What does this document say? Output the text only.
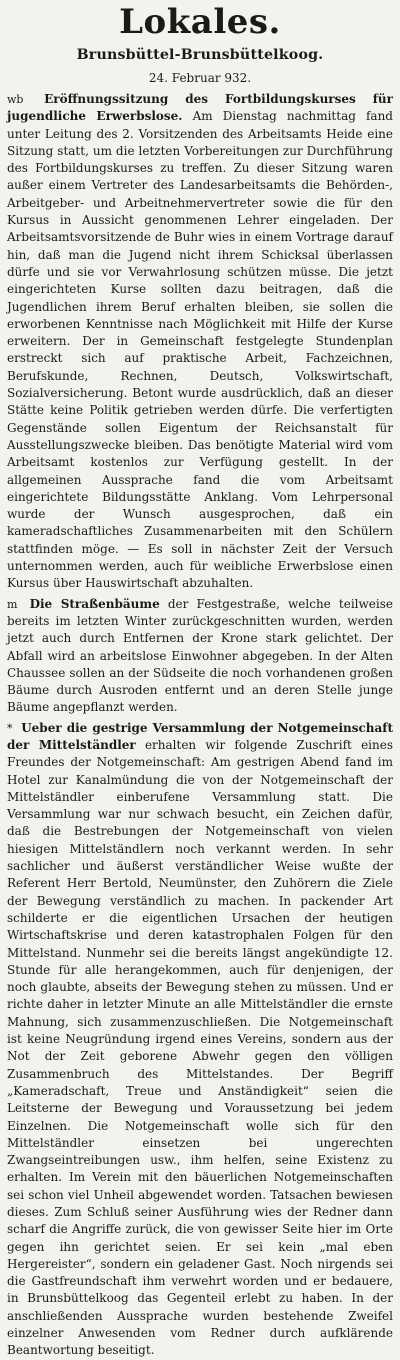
Lokales.
Brunsbüttel-Brunsbüttelkoog.
24. Februar 932.

wb Eröffnungssitzung des Fortbildungskurses für jugendliche Erwerbslose. Am Dienstag nachmittag fand unter Leitung des 2. Vorsitzenden des Arbeitsamts Heide eine Sitzung statt, um die letzten Vorbereitungen zur Durchführung des Fortbildungskurses zu treffen. Zu dieser Sitzung waren außer einem Vertreter des Landesarbeitsamts die Behörden-, Arbeitgeber- und Arbeitnehmervertreter sowie die für den Kursus in Aussicht genommenen Lehrer eingeladen. Der Arbeitsamtsvorsitzende de Buhr wies in einem Vortrage darauf hin, daß man die Jugend nicht ihrem Schicksal überlassen dürfe und sie vor Verwahrlosung schützen müsse. Die jetzt eingerichteten Kurse sollten dazu beitragen, daß die Jugendlichen ihrem Beruf erhalten bleiben, sie sollen die erworbenen Kenntnisse nach Möglichkeit mit Hilfe der Kurse erweitern. Der in Gemeinschaft festgelegte Stundenplan erstreckt sich auf praktische Arbeit, Fachzeichnen, Berufskunde, Rechnen, Deutsch, Volkswirtschaft, Sozialversicherung. Betont wurde ausdrücklich, daß an dieser Stätte keine Politik getrieben werden dürfe. Die verfertigten Gegenstände sollen Eigentum der Reichsanstalt für Ausstellungszwecke bleiben. Das benötigte Material wird vom Arbeitsamt kostenlos zur Verfügung gestellt. In der allgemeinen Aussprache fand die vom Arbeitsamt eingerichtete Bildungsstätte Anklang. Vom Lehrpersonal wurde der Wunsch ausgesprochen, daß ein kameradschaftliches Zusammenarbeiten mit den Schülern stattfinden möge. — Es soll in nächster Zeit der Versuch unternommen werden, auch für weibliche Erwerbslose einen Kursus über Hauswirtschaft abzuhalten.

m Die Straßenbäume der Festgestraße, welche teilweise bereits im letzten Winter zurückgeschnitten wurden, werden jetzt auch durch Entfernen der Krone stark gelichtet. Der Abfall wird an arbeitslose Einwohner abgegeben. In der Alten Chaussee sollen an der Südseite die noch vorhandenen großen Bäume durch Ausroden entfernt und an deren Stelle junge Bäume angepflanzt werden.

* Ueber die gestrige Versammlung der Notgemeinschaft der Mittelständler erhalten wir folgende Zuschrift eines Freundes der Notgemeinschaft: Am gestrigen Abend fand im Hotel zur Kanalmündung die von der Notgemeinschaft der Mittelständler einberufene Versammlung statt. Die Versammlung war nur schwach besucht, ein Zeichen dafür, daß die Bestrebungen der Notgemeinschaft von vielen hiesigen Mittelständlern noch verkannt werden. In sehr sachlicher und äußerst verständlicher Weise wußte der Referent Herr Bertold, Neumünster, den Zuhörern die Ziele der Bewegung verständlich zu machen. In packender Art schilderte er die eigentlichen Ursachen der heutigen Wirtschaftskrise und deren katastrophalen Folgen für den Mittelstand. Nunmehr sei die bereits längst angekündigte 12. Stunde für alle herangekommen, auch für denjenigen, der noch glaubte, abseits der Bewegung stehen zu müssen. Und er richte daher in letzter Minute an alle Mittelständler die ernste Mahnung, sich zusammenzuschließen. Die Notgemeinschaft ist keine Neugründung irgend eines Vereins, sondern aus der Not der Zeit geborene Abwehr gegen den völligen Zusammenbruch des Mittelstandes. Der Begriff „Kameradschaft, Treue und Anständigkeit“ seien die Leitsterne der Bewegung und Voraussetzung bei jedem Einzelnen. Die Notgemeinschaft wolle sich für den Mittelständler einsetzen bei ungerechten Zwangseintreibungen usw., ihm helfen, seine Existenz zu erhalten. Im Verein mit den bäuerlichen Notgemeinschaften sei schon viel Unheil abgewendet worden. Tatsachen bewiesen dieses. Zum Schluß seiner Ausführung wies der Redner dann scharf die Angriffe zurück, die von gewisser Seite hier im Orte gegen ihn gerichtet seien. Er sei kein „mal eben Hergereister“, sondern ein geladener Gast. Noch nirgends sei die Gastfreundschaft ihm verwehrt worden und er bedauere, in Brunsbüttelkoog das Gegenteil erlebt zu haben. In der anschließenden Aussprache wurden bestehende Zweifel einzelner Anwesenden vom Redner durch aufklärende Beantwortung beseitigt.
